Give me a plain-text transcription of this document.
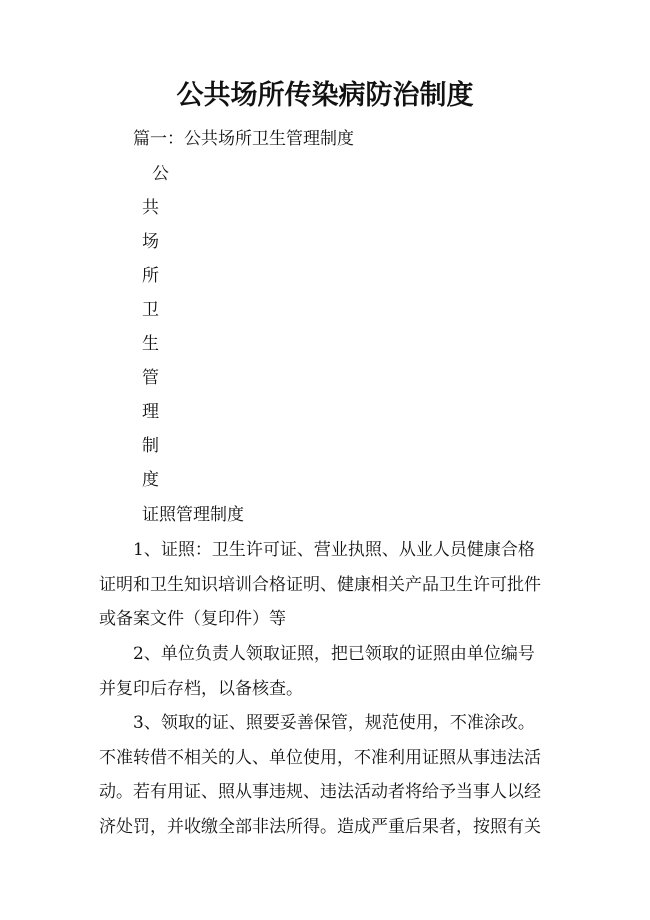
公共场所传染病防治制度
篇一：公共场所卫生管理制度
公
共
场
所
卫
生
管
理
制
度
证照管理制度
　　1、证照：卫生许可证、营业执照、从业人员健康合格
证明和卫生知识培训合格证明、健康相关产品卫生许可批件
或备案文件（复印件）等
　　2、单位负责人领取证照，把已领取的证照由单位编号
并复印后存档，以备核查。
　　3、领取的证、照要妥善保管，规范使用，不准涂改。
不准转借不相关的人、单位使用，不准利用证照从事违法活
动。若有用证、照从事违规、违法活动者将给予当事人以经
济处罚，并收缴全部非法所得。造成严重后果者，按照有关
